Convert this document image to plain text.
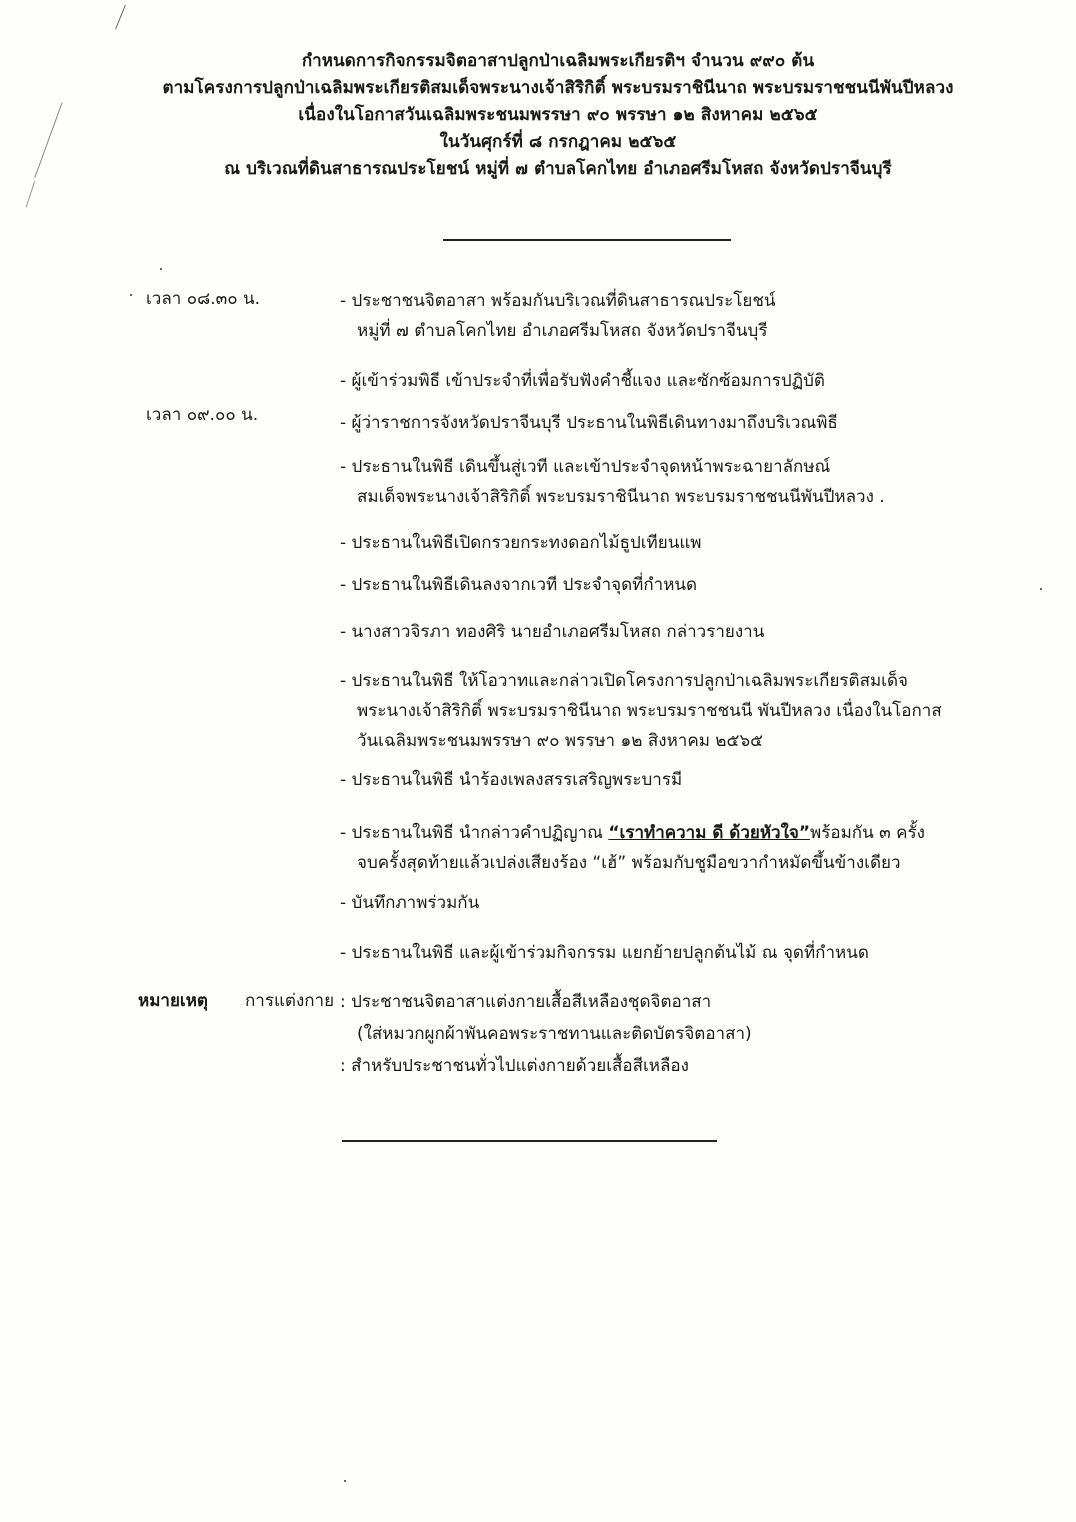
กำหนดการกิจกรรมจิตอาสาปลูกป่าเฉลิมพระเกียรติฯ จำนวน ๙๙๐ ต้น
ตามโครงการปลูกป่าเฉลิมพระเกียรติสมเด็จพระนางเจ้าสิริกิติ์ พระบรมราชินีนาถ พระบรมราชชนนีพันปีหลวง
เนื่องในโอกาสวันเฉลิมพระชนมพรรษา ๙๐ พรรษา ๑๒ สิงหาคม ๒๕๖๕
ในวันศุกร์ที่ ๘ กรกฎาคม ๒๕๖๕
ณ บริเวณที่ดินสาธารณประโยชน์ หมู่ที่ ๗ ตำบลโคกไทย อำเภอศรีมโหสถ จังหวัดปราจีนบุรี
เวลา ๐๘.๓๐ น.
เวลา ๐๙.๐๐ น.
- ประชาชนจิตอาสา พร้อมกันบริเวณที่ดินสาธารณประโยชน์
หมู่ที่ ๗ ตำบลโคกไทย อำเภอศรีมโหสถ จังหวัดปราจีนบุรี
- ผู้เข้าร่วมพิธี เข้าประจำที่เพื่อรับฟังคำชี้แจง และซักซ้อมการปฏิบัติ
- ผู้ว่าราชการจังหวัดปราจีนบุรี ประธานในพิธีเดินทางมาถึงบริเวณพิธี
- ประธานในพิธี เดินขึ้นสู่เวที และเข้าประจำจุดหน้าพระฉายาลักษณ์
สมเด็จพระนางเจ้าสิริกิติ์ พระบรมราชินีนาถ พระบรมราชชนนีพันปีหลวง .
- ประธานในพิธีเปิดกรวยกระทงดอกไม้ธูปเทียนแพ
- ประธานในพิธีเดินลงจากเวที ประจำจุดที่กำหนด
- นางสาวจิรภา ทองศิริ นายอำเภอศรีมโหสถ กล่าวรายงาน
- ประธานในพิธี ให้โอวาทและกล่าวเปิดโครงการปลูกป่าเฉลิมพระเกียรติสมเด็จ
พระนางเจ้าสิริกิติ์ พระบรมราชินีนาถ พระบรมราชชนนี พันปีหลวง เนื่องในโอกาส
วันเฉลิมพระชนมพรรษา ๙๐ พรรษา ๑๒ สิงหาคม ๒๕๖๕
- ประธานในพิธี นำร้องเพลงสรรเสริญพระบารมี
- ประธานในพิธี นำกล่าวคำปฏิญาณ “เราทำความ ดี ด้วยหัวใจ”พร้อมกัน ๓ ครั้ง
จบครั้งสุดท้ายแล้วเปล่งเสียงร้อง “เฮ้” พร้อมกับชูมือขวากำหมัดขึ้นข้างเดียว
- บันทึกภาพร่วมกัน
- ประธานในพิธี และผู้เข้าร่วมกิจกรรม แยกย้ายปลูกต้นไม้ ณ จุดที่กำหนด
หมายเหตุ การแต่งกาย : ประชาชนจิตอาสาแต่งกายเสื้อสีเหลืองชุดจิตอาสา
(ใส่หมวกผูกผ้าพันคอพระราชทานและติดบัตรจิตอาสา)
: สำหรับประชาชนทั่วไปแต่งกายด้วยเสื้อสีเหลือง
